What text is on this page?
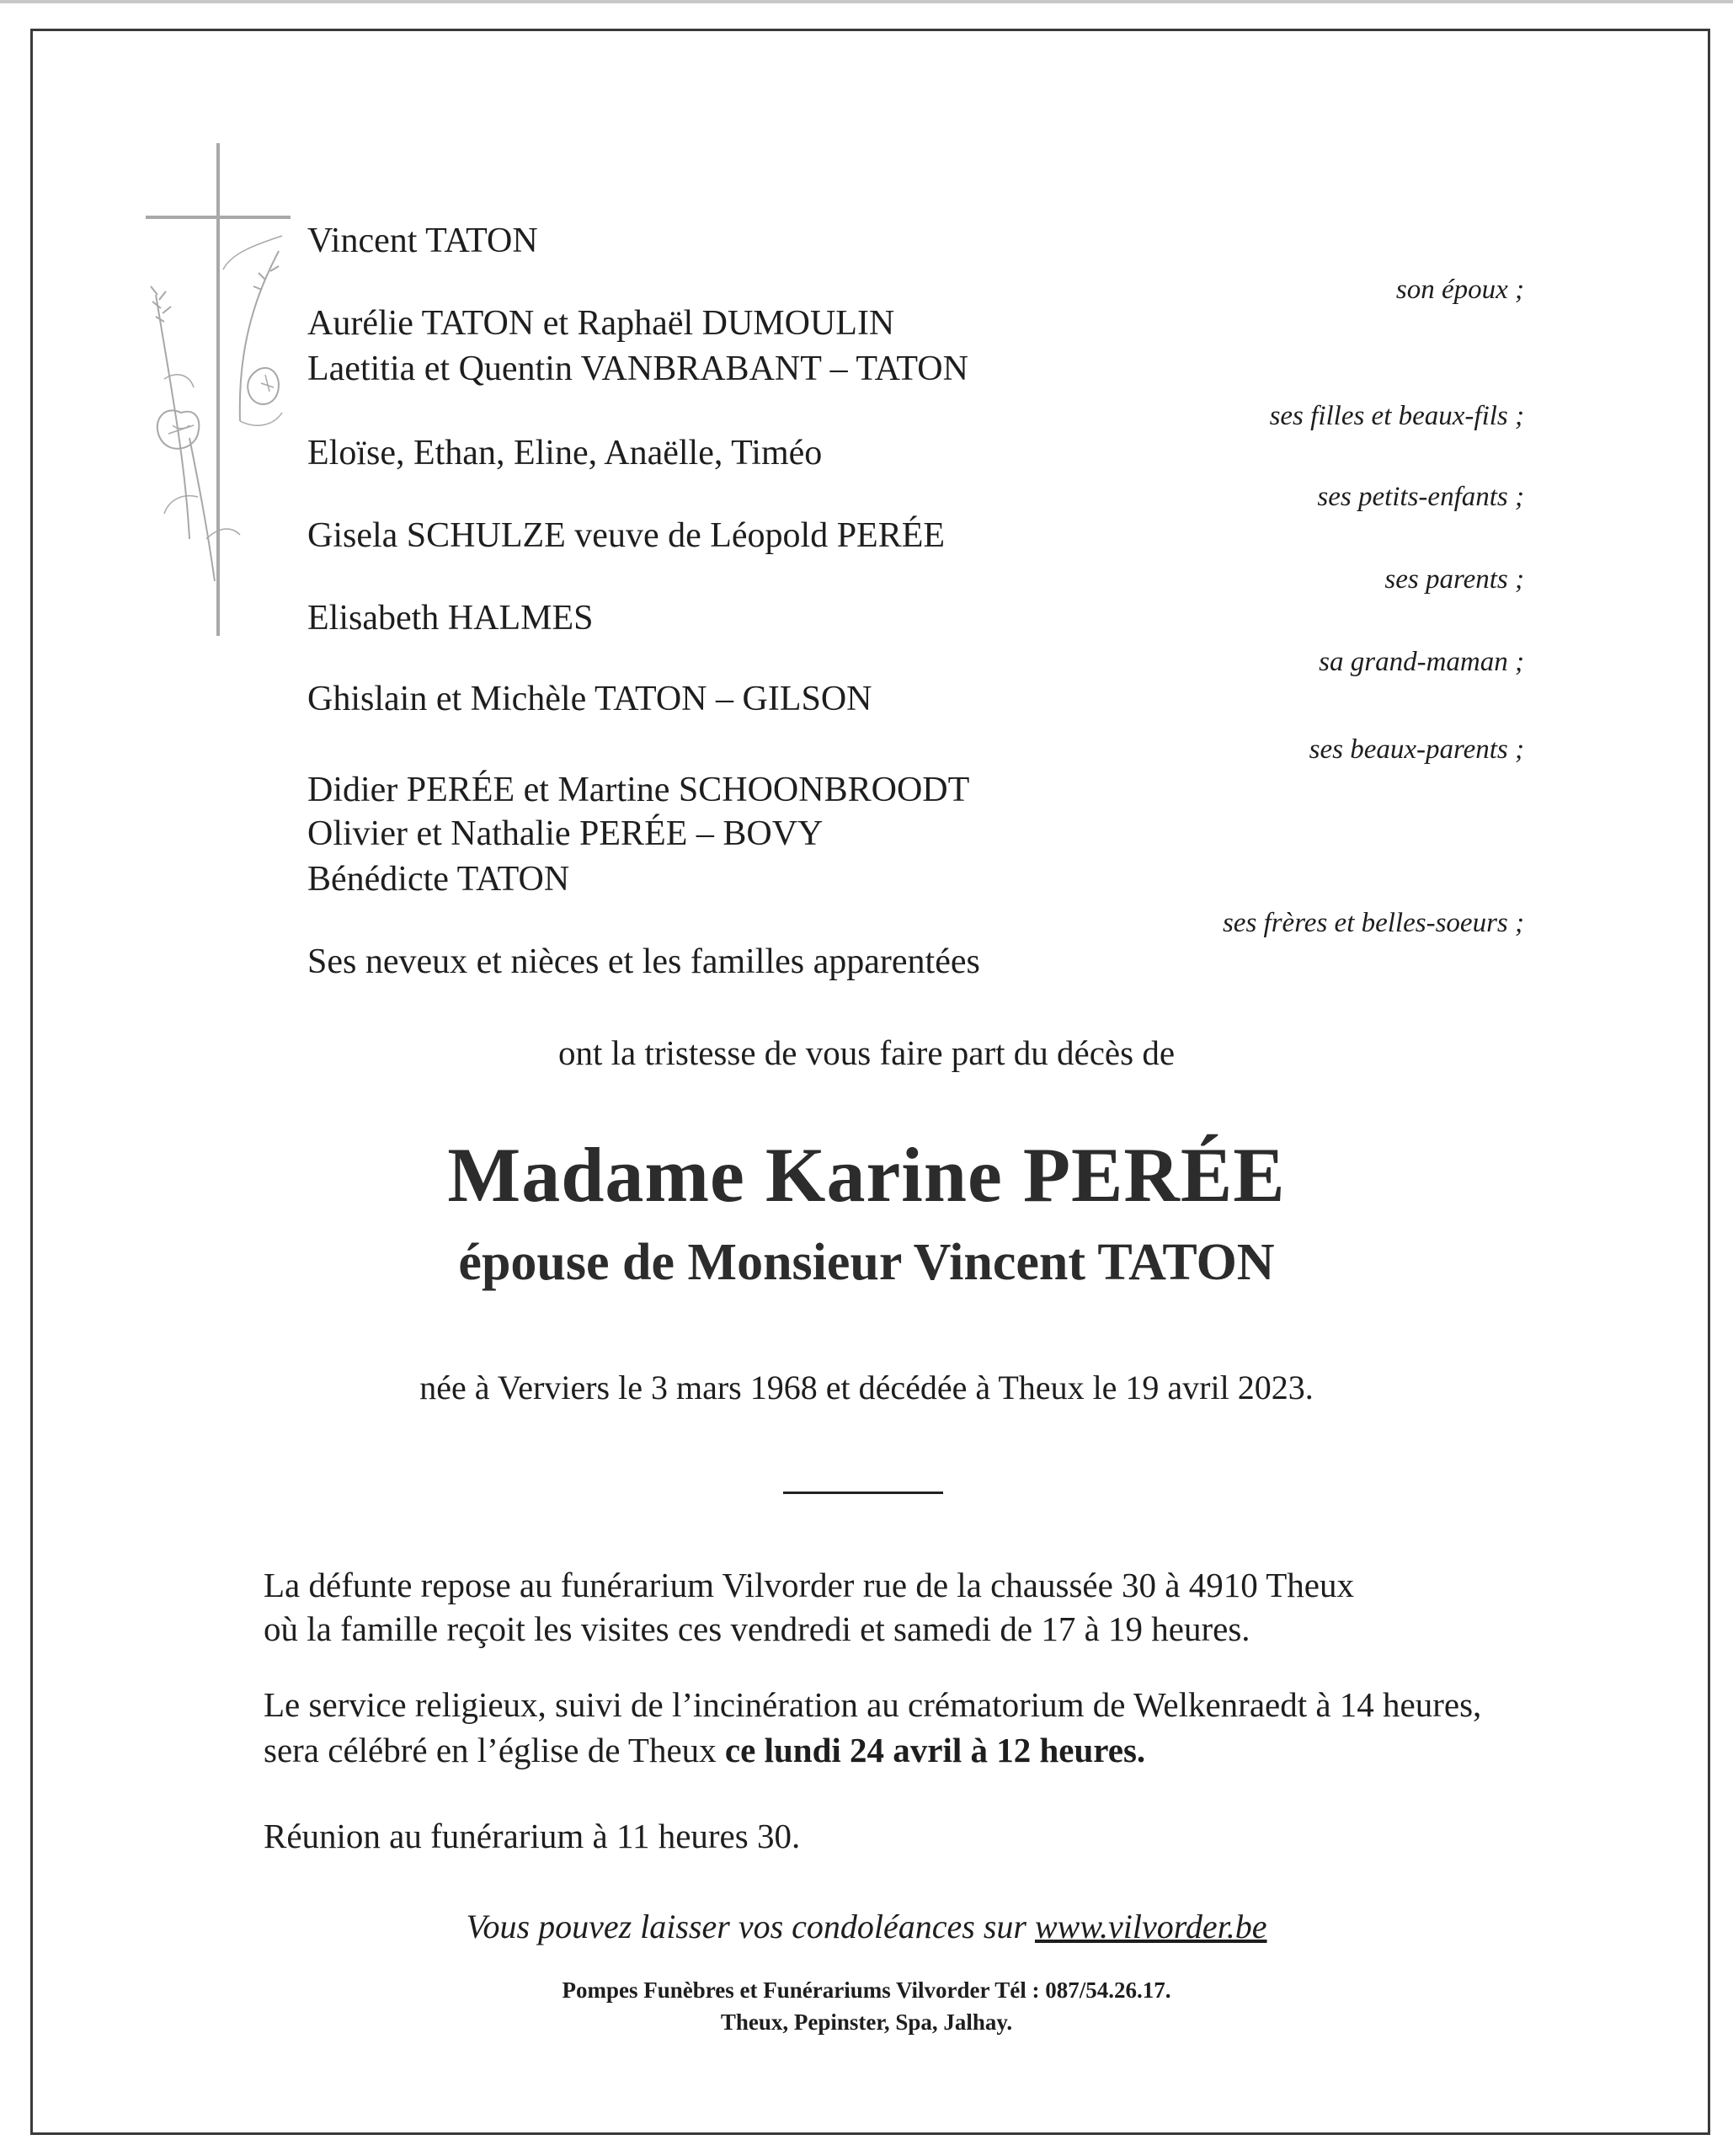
Vincent TATON
Aurélie TATON et Raphaël DUMOULIN
Laetitia et Quentin VANBRABANT – TATON
Eloïse, Ethan, Eline, Anaëlle, Timéo
Gisela SCHULZE veuve de Léopold PERÉE
Elisabeth HALMES
Ghislain et Michèle TATON – GILSON
Didier PERÉE et Martine SCHOONBROODT
Olivier et Nathalie PERÉE – BOVY
Bénédicte TATON
Ses neveux et nièces et les familles apparentées
son époux ;
ses filles et beaux-fils ;
ses petits-enfants ;
ses parents ;
sa grand-maman ;
ses beaux-parents ;
ses frères et belles-soeurs ;
ont la tristesse de vous faire part du décès de
Madame Karine PERÉE
épouse de Monsieur Vincent TATON
née à Verviers le 3 mars 1968 et décédée à Theux le 19 avril 2023.
La défunte repose au funérarium Vilvorder rue de la chaussée 30 à 4910 Theux
où la famille reçoit les visites ces vendredi et samedi de 17 à 19 heures.
Le service religieux, suivi de l’incinération au crématorium de Welkenraedt à 14 heures,
sera célébré en l’église de Theux ce lundi 24 avril à 12 heures.
Réunion au funérarium à 11 heures 30.
Vous pouvez laisser vos condoléances sur www.vilvorder.be
Pompes Funèbres et Funérariums Vilvorder Tél : 087/54.26.17.
Theux, Pepinster, Spa, Jalhay.
